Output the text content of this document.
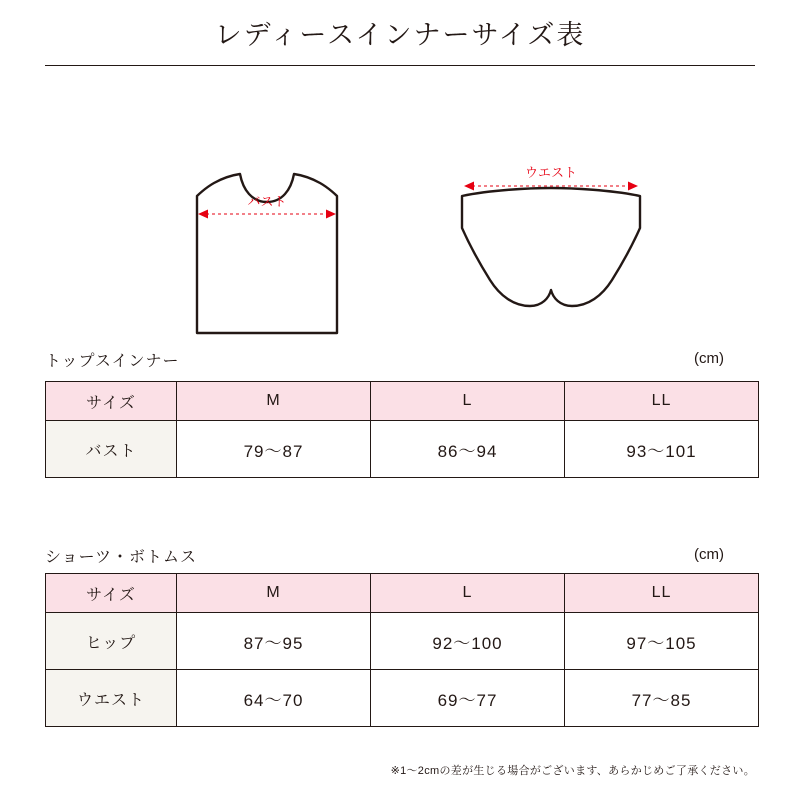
レディースインナーサイズ表
バスト
ウエスト
トップスインナー	(cm)
サイズ	M	L	LL
バスト	79〜87	86〜94	93〜101
ショーツ・ボトムス	(cm)
サイズ	M	L	LL
ヒップ	87〜95	92〜100	97〜105
ウエスト	64〜70	69〜77	77〜85
※1〜2cmの差が生じる場合がございます、あらかじめご了承ください。
